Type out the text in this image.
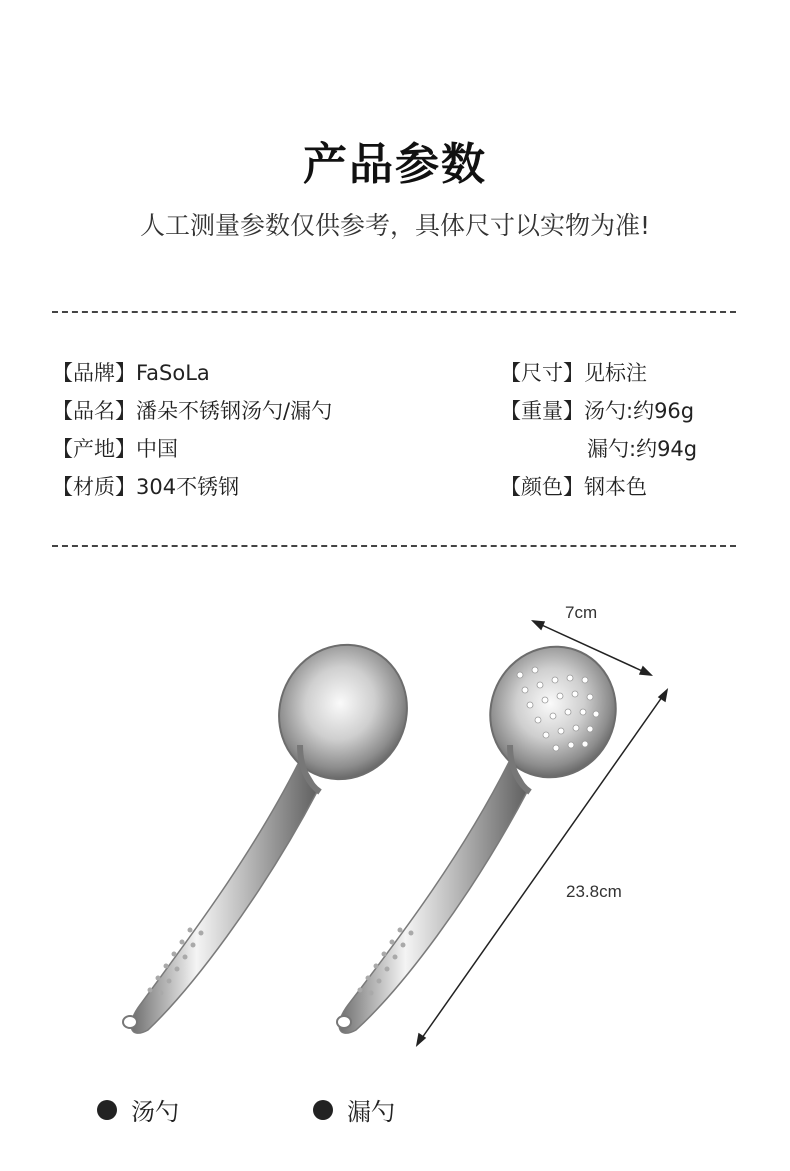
产品参数
人工测量参数仅供参考，具体尺寸以实物为准!
【品牌】FaSoLa
【品名】潘朵不锈钢汤勺/漏勺
【产地】中国
【材质】304不锈钢
【尺寸】见标注
【重量】汤勺:约96g
漏勺:约94g
【颜色】钢本色
7cm
23.8cm
汤勺	漏勺
